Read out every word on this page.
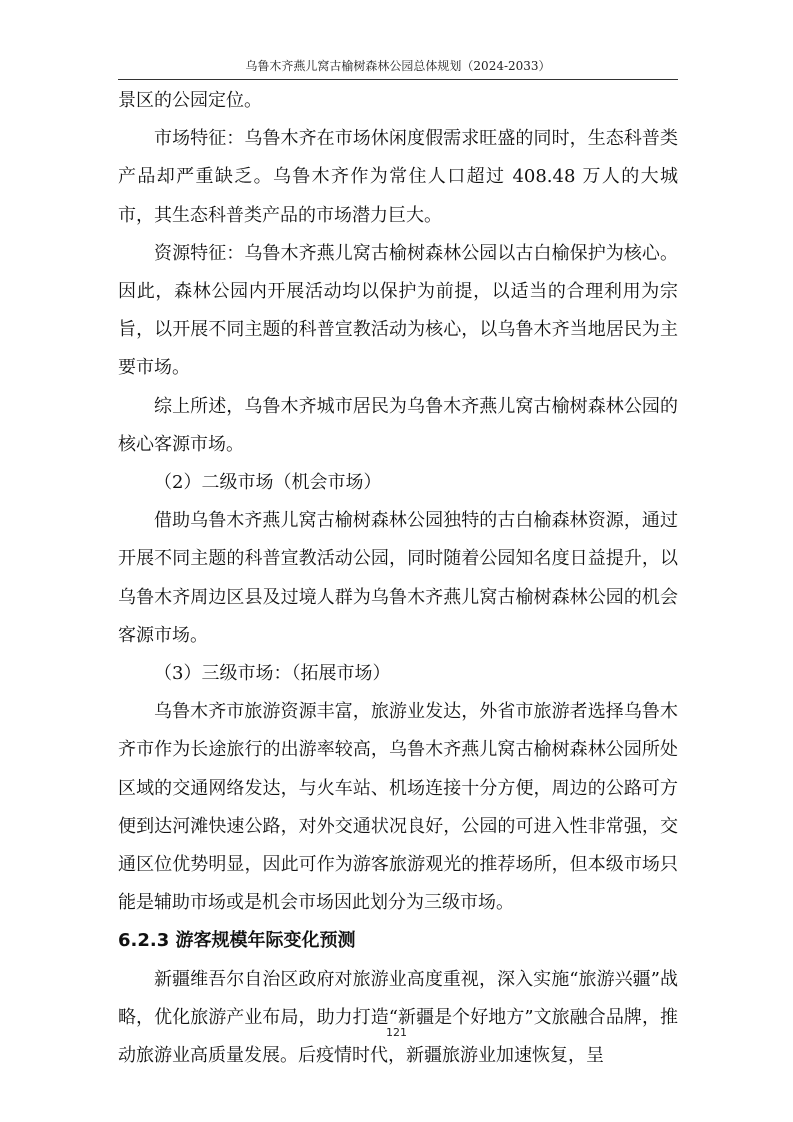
乌鲁木齐燕儿窝古榆树森林公园总体规划（2024-2033）

景区的公园定位。

市场特征：乌鲁木齐在市场休闲度假需求旺盛的同时，生态科普类产品却严重缺乏。乌鲁木齐作为常住人口超过 408.48 万人的大城市，其生态科普类产品的市场潜力巨大。

资源特征：乌鲁木齐燕儿窝古榆树森林公园以古白榆保护为核心。因此，森林公园内开展活动均以保护为前提，以适当的合理利用为宗旨，以开展不同主题的科普宣教活动为核心，以乌鲁木齐当地居民为主要市场。

综上所述，乌鲁木齐城市居民为乌鲁木齐燕儿窝古榆树森林公园的核心客源市场。

（2）二级市场（机会市场）

借助乌鲁木齐燕儿窝古榆树森林公园独特的古白榆森林资源，通过开展不同主题的科普宣教活动公园，同时随着公园知名度日益提升，以乌鲁木齐周边区县及过境人群为乌鲁木齐燕儿窝古榆树森林公园的机会客源市场。

（3）三级市场：（拓展市场）

乌鲁木齐市旅游资源丰富，旅游业发达，外省市旅游者选择乌鲁木齐市作为长途旅行的出游率较高，乌鲁木齐燕儿窝古榆树森林公园所处区域的交通网络发达，与火车站、机场连接十分方便，周边的公路可方便到达河滩快速公路，对外交通状况良好，公园的可进入性非常强，交通区位优势明显，因此可作为游客旅游观光的推荐场所，但本级市场只能是辅助市场或是机会市场因此划分为三级市场。

6.2.3 游客规模年际变化预测

新疆维吾尔自治区政府对旅游业高度重视，深入实施“旅游兴疆”战略，优化旅游产业布局，助力打造“新疆是个好地方”文旅融合品牌，推动旅游业高质量发展。后疫情时代，新疆旅游业加速恢复，呈

121
